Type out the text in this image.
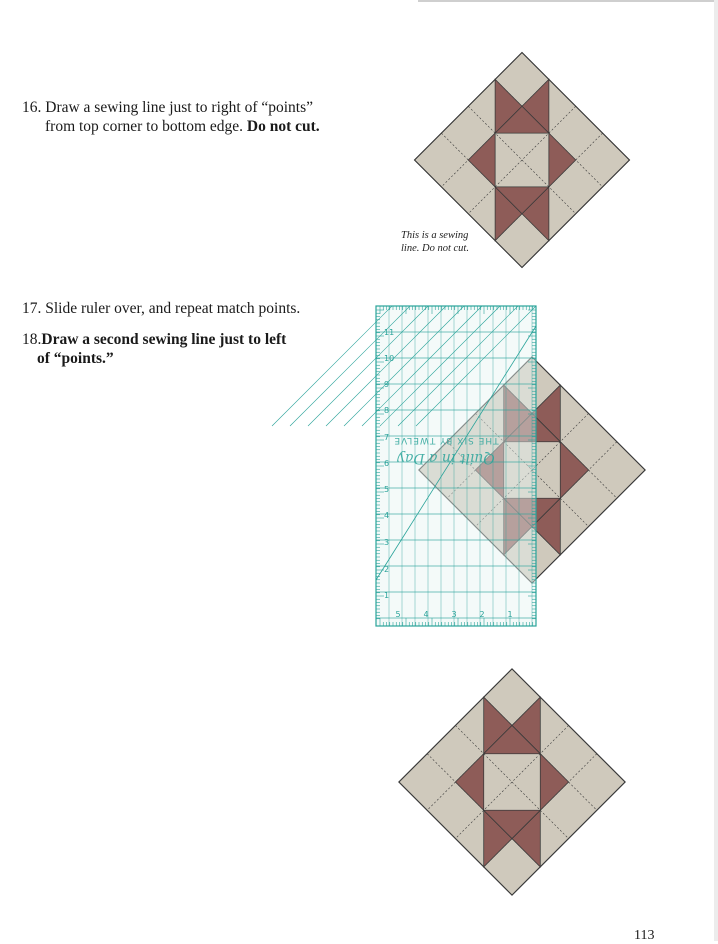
16. Draw a sewing line just to right of “points”
from top corner to bottom edge. Do not cut.
This is a sewing
line. Do not cut.
17. Slide ruler over, and repeat match points.
18.Draw a second sewing line just to left
of “points.”
11
10
9
8
7
6
5
4
3
2
1
5	4	3	2	1
Quilt in a Day
THE SIX BY TWELVE
113
